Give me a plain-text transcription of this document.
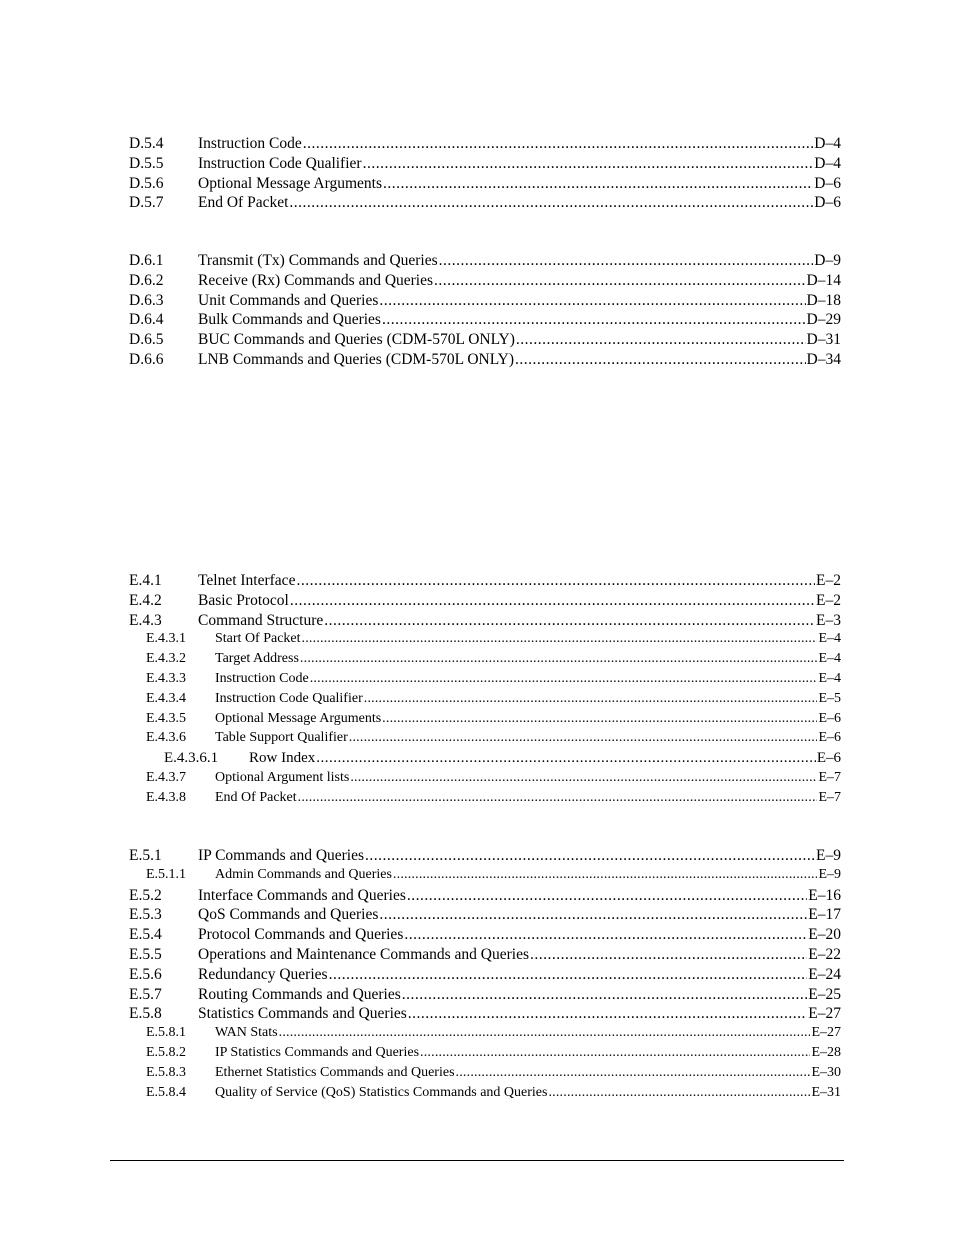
D.5.4	Instruction Code .....	D–4
D.5.5	Instruction Code Qualifier .....	D–4
D.5.6	Optional Message Arguments .....	D–6
D.5.7	End Of Packet .....	D–6
D.6.1	Transmit (Tx) Commands and Queries .....	D–9
D.6.2	Receive (Rx) Commands and Queries .....	D–14
D.6.3	Unit Commands and Queries .....	D–18
D.6.4	Bulk Commands and Queries .....	D–29
D.6.5	BUC Commands and Queries (CDM-570L ONLY) .....	D–31
D.6.6	LNB Commands and Queries (CDM-570L ONLY) .....	D–34
E.4.1	Telnet Interface .....	E–2
E.4.2	Basic Protocol .....	E–2
E.4.3	Command Structure .....	E–3
E.4.3.1	Start Of Packet .....	E–4
E.4.3.2	Target Address .....	E–4
E.4.3.3	Instruction Code .....	E–4
E.4.3.4	Instruction Code Qualifier .....	E–5
E.4.3.5	Optional Message Arguments .....	E–6
E.4.3.6	Table Support Qualifier .....	E–6
E.4.3.6.1	Row Index .....	E–6
E.4.3.7	Optional Argument lists .....	E–7
E.4.3.8	End Of Packet .....	E–7
E.5.1	IP Commands and Queries .....	E–9
E.5.1.1	Admin Commands and Queries .....	E–9
E.5.2	Interface Commands and Queries .....	E–16
E.5.3	QoS Commands and Queries .....	E–17
E.5.4	Protocol Commands and Queries .....	E–20
E.5.5	Operations and Maintenance Commands and Queries .....	E–22
E.5.6	Redundancy Queries .....	E–24
E.5.7	Routing Commands and Queries .....	E–25
E.5.8	Statistics Commands and Queries .....	E–27
E.5.8.1	WAN Stats .....	E–27
E.5.8.2	IP Statistics Commands and Queries .....	E–28
E.5.8.3	Ethernet Statistics Commands and Queries .....	E–30
E.5.8.4	Quality of Service (QoS) Statistics Commands and Queries .....	E–31
